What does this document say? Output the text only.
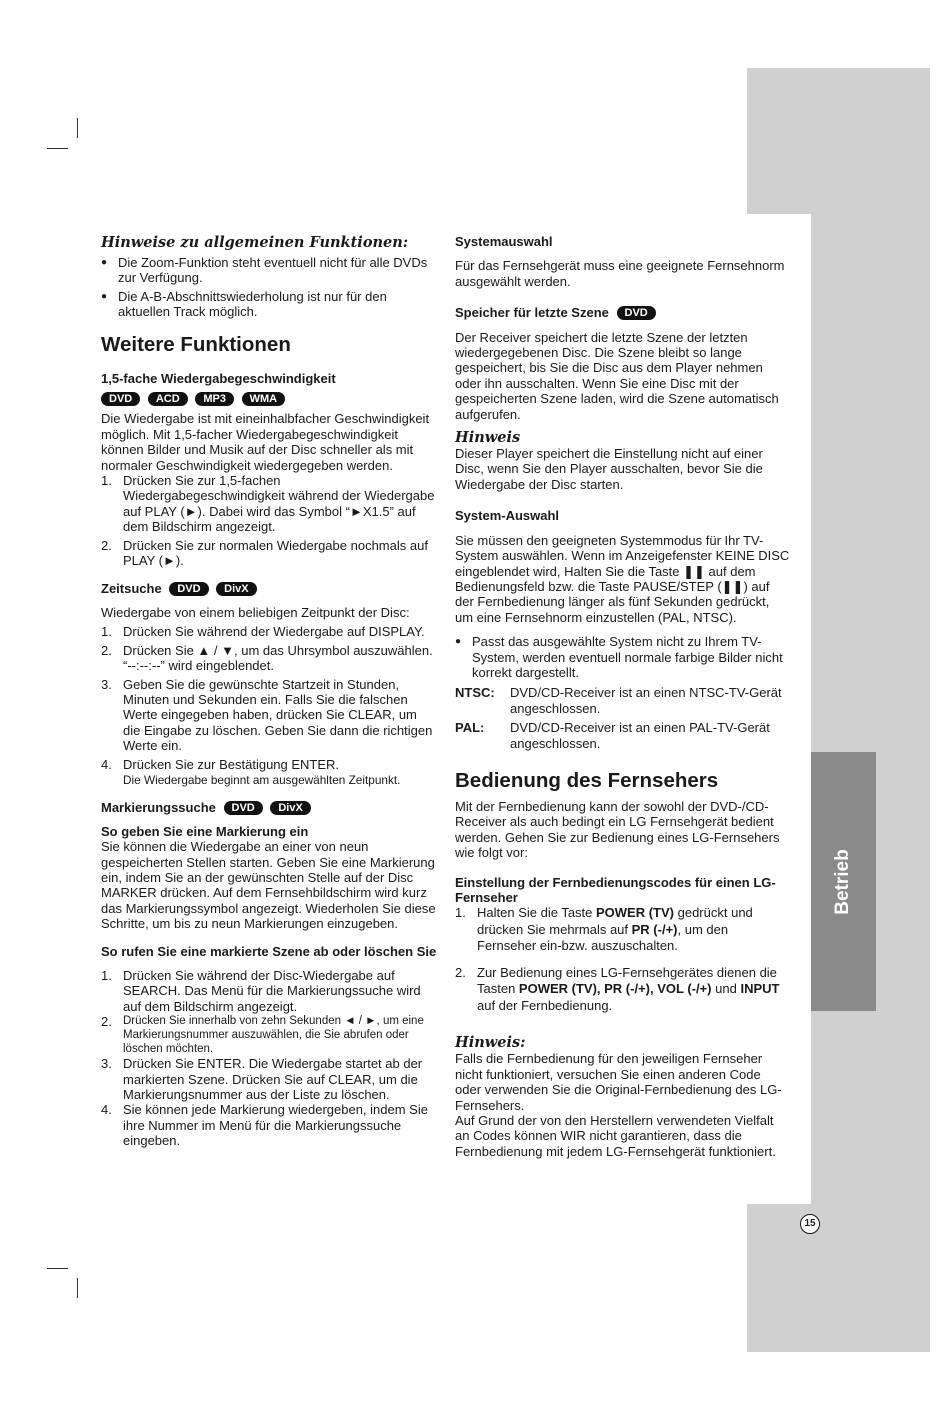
Betrieb
15
Hinweise zu allgemeinen Funktionen:
● Die Zoom-Funktion steht eventuell nicht für alle DVDs zur Verfügung.
● Die A-B-Abschnittswiederholung ist nur für den aktuellen Track möglich.
Weitere Funktionen
1,5-fache Wiedergabegeschwindigkeit
DVD ACD MP3 WMA

Die Wiedergabe ist mit eineinhalbfacher Geschwindigkeit möglich. Mit 1,5-facher Wiedergabegeschwindigkeit können Bilder und Musik auf der Disc schneller als mit normaler Geschwindigkeit wiedergegeben werden.

1. Drücken Sie zur 1,5-fachen Wiedergabegeschwindigkeit während der Wiedergabe auf PLAY (►). Dabei wird das Symbol “►X1.5” auf dem Bildschirm angezeigt.
2. Drücken Sie zur normalen Wiedergabe nochmals auf PLAY (►).
Zeitsuche DVD DivX

Wiedergabe von einem beliebigen Zeitpunkt der Disc:

1. Drücken Sie während der Wiedergabe auf DISPLAY.
2. Drücken Sie ▲ / ▼, um das Uhrsymbol auszuwählen. “--:--:--” wird eingeblendet.
3. Geben Sie die gewünschte Startzeit in Stunden, Minuten und Sekunden ein. Falls Sie die falschen Werte eingegeben haben, drücken Sie CLEAR, um die Eingabe zu löschen. Geben Sie dann die richtigen Werte ein.
4. Drücken Sie zur Bestätigung ENTER.
Die Wiedergabe beginnt am ausgewählten Zeitpunkt.
Markierungssuche DVD DivX
So geben Sie eine Markierung ein

Sie können die Wiedergabe an einer von neun gespeicherten Stellen starten. Geben Sie eine Markierung ein, indem Sie an der gewünschten Stelle auf der Disc MARKER drücken. Auf dem Fernsehbildschirm wird kurz das Markierungssymbol angezeigt. Wiederholen Sie diese Schritte, um bis zu neun Markierungen einzugeben.

So rufen Sie eine markierte Szene ab oder löschen Sie
1. Drücken Sie während der Disc-Wiedergabe auf SEARCH. Das Menü für die Markierungssuche wird auf dem Bildschirm angezeigt.
2. Drücken Sie innerhalb von zehn Sekunden ◄ / ►, um eine Markierungsnummer auszuwählen, die Sie abrufen oder löschen möchten.
3. Drücken Sie ENTER. Die Wiedergabe startet ab der markierten Szene. Drücken Sie auf CLEAR, um die Markierungsnummer aus der Liste zu löschen.
4. Sie können jede Markierung wiedergeben, indem Sie ihre Nummer im Menü für die Markierungssuche eingeben.
Systemauswahl

Für das Fernsehgerät muss eine geeignete Fernsehnorm ausgewählt werden.

Speicher für letzte Szene DVD

Der Receiver speichert die letzte Szene der letzten wiedergegebenen Disc. Die Szene bleibt so lange gespeichert, bis Sie die Disc aus dem Player nehmen oder ihn ausschalten. Wenn Sie eine Disc mit der gespeicherten Szene laden, wird die Szene automatisch aufgerufen.

Hinweis

Dieser Player speichert die Einstellung nicht auf einer Disc, wenn Sie den Player ausschalten, bevor Sie die Wiedergabe der Disc starten.

System-Auswahl

Sie müssen den geeigneten Systemmodus für Ihr TV-System auswählen. Wenn im Anzeigefenster KEINE DISC eingeblendet wird, Halten Sie die Taste ❚❚ auf dem Bedienungsfeld bzw. die Taste PAUSE/STEP (❚❚) auf der Fernbedienung länger als fünf Sekunden gedrückt, um eine Fernsehnorm einzustellen (PAL, NTSC).

● Passt das ausgewählte System nicht zu Ihrem TV-System, werden eventuell normale farbige Bilder nicht korrekt dargestellt.
NTSC:	DVD/CD-Receiver ist an einen NTSC-TV-Gerät angeschlossen.
PAL:	DVD/CD-Receiver ist an einen PAL-TV-Gerät angeschlossen.
Bedienung des Fernsehers

Mit der Fernbedienung kann der sowohl der DVD-/CD-Receiver als auch bedingt ein LG Fernsehgerät bedient werden. Gehen Sie zur Bedienung eines LG-Fernsehers wie folgt vor:

Einstellung der Fernbedienungscodes für einen LG-Fernseher
1. Halten Sie die Taste POWER (TV) gedrückt und drücken Sie mehrmals auf PR (-/+), um den Fernseher ein-bzw. auszuschalten.
2. Zur Bedienung eines LG-Fernsehgerätes dienen die Tasten POWER (TV), PR (-/+), VOL (-/+) und INPUT auf der Fernbedienung.
Hinweis:

Falls die Fernbedienung für den jeweiligen Fernseher nicht funktioniert, versuchen Sie einen anderen Code oder verwenden Sie die Original-Fernbedienung des LG-Fernsehers.

Auf Grund der von den Herstellern verwendeten Vielfalt an Codes können WIR nicht garantieren, dass die Fernbedienung mit jedem LG-Fernsehgerät funktioniert.
